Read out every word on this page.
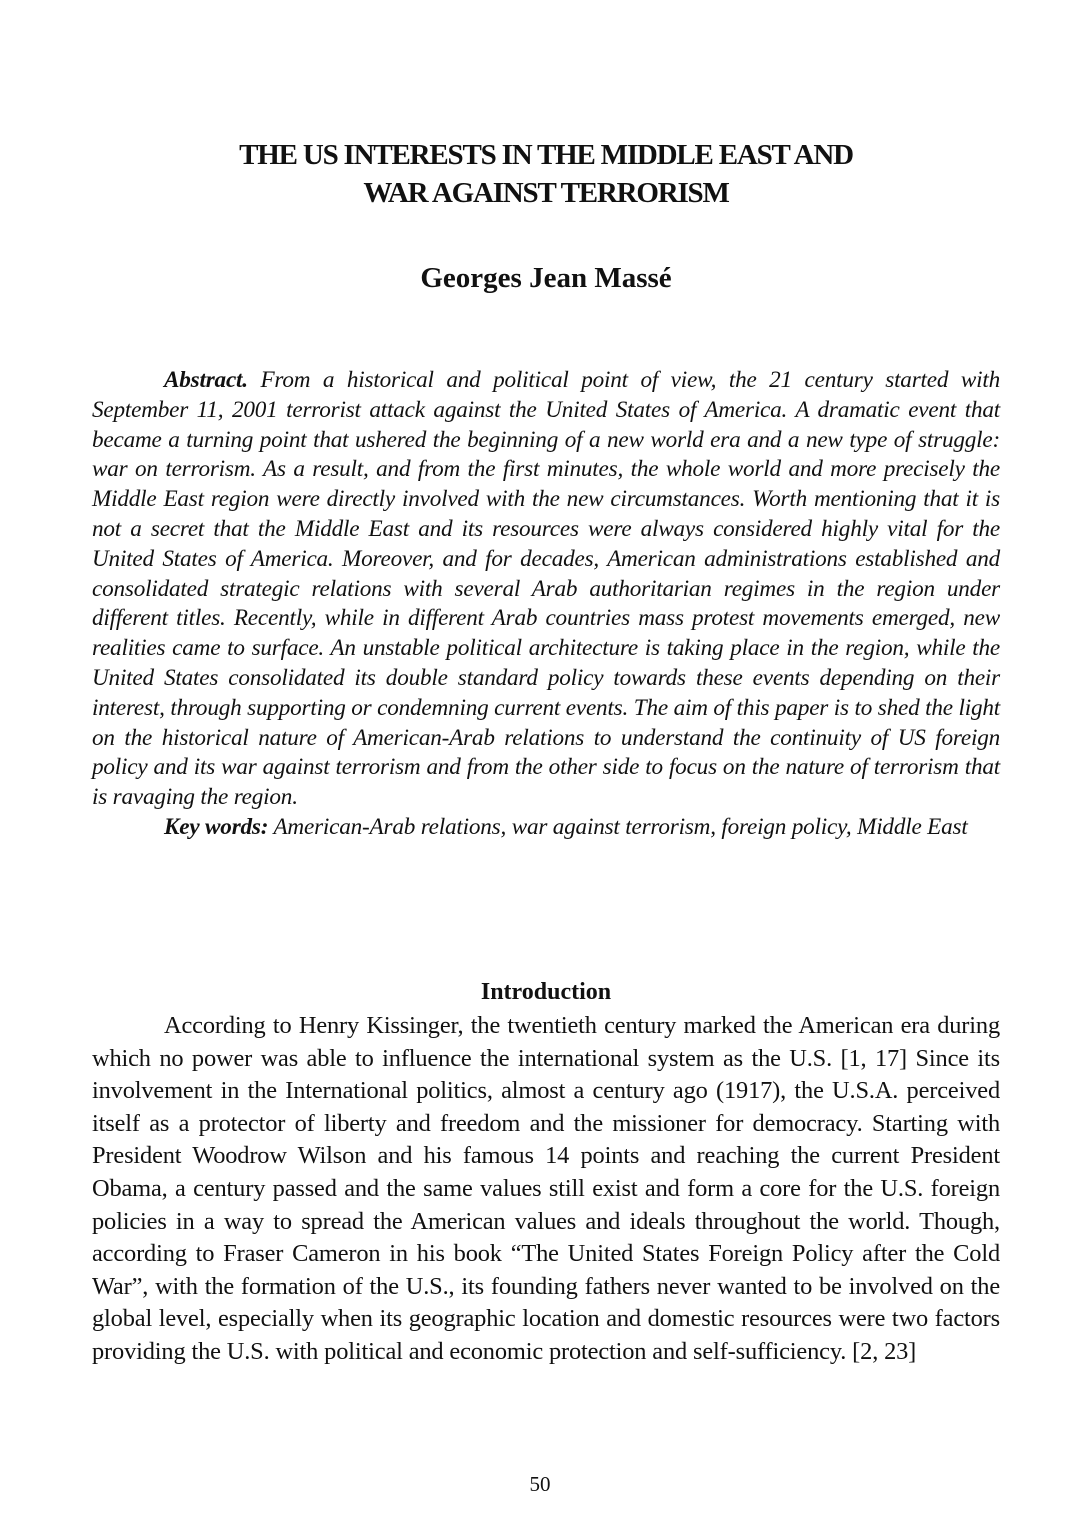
THE US INTERESTS IN THE MIDDLE EAST AND
WAR AGAINST TERRORISM
Georges Jean Massé

Abstract. From a historical and political point of view, the 21 century started with September 11, 2001 terrorist attack against the United States of America. A dramatic event that became a turning point that ushered the beginning of a new world era and a new type of struggle: war on terrorism. As a result, and from the first minutes, the whole world and more precisely the Middle East region were directly involved with the new circumstances. Worth mentioning that it is not a secret that the Middle East and its resources were always considered highly vital for the United States of America. Moreover, and for decades, American administrations established and consolidated strategic relations with several Arab authoritarian regimes in the region under different titles. Recently, while in different Arab countries mass protest movements emerged, new realities came to surface. An unstable political architecture is taking place in the region, while the United States consolidated its double standard policy towards these events depending on their interest, through supporting or condemning current events. The aim of this paper is to shed the light on the historical nature of American-Arab relations to understand the continuity of US foreign policy and its war against terrorism and from the other side to focus on the nature of terrorism that is ravaging the region.

Key words: American-Arab relations, war against terrorism, foreign policy, Middle East

Introduction

According to Henry Kissinger, the twentieth century marked the American era during which no power was able to influence the international system as the U.S. [1, 17] Since its involvement in the International politics, almost a century ago (1917), the U.S.A. perceived itself as a protector of liberty and freedom and the missioner for democracy. Starting with President Woodrow Wilson and his famous 14 points and reaching the current President Obama, a century passed and the same values still exist and form a core for the U.S. foreign policies in a way to spread the American values and ideals throughout the world. Though, according to Fraser Cameron in his book “The United States Foreign Policy after the Cold War”, with the formation of the U.S., its founding fathers never wanted to be involved on the global level, especially when its geographic location and domestic resources were two factors providing the U.S. with political and economic protection and self-sufficiency. [2, 23]

50
